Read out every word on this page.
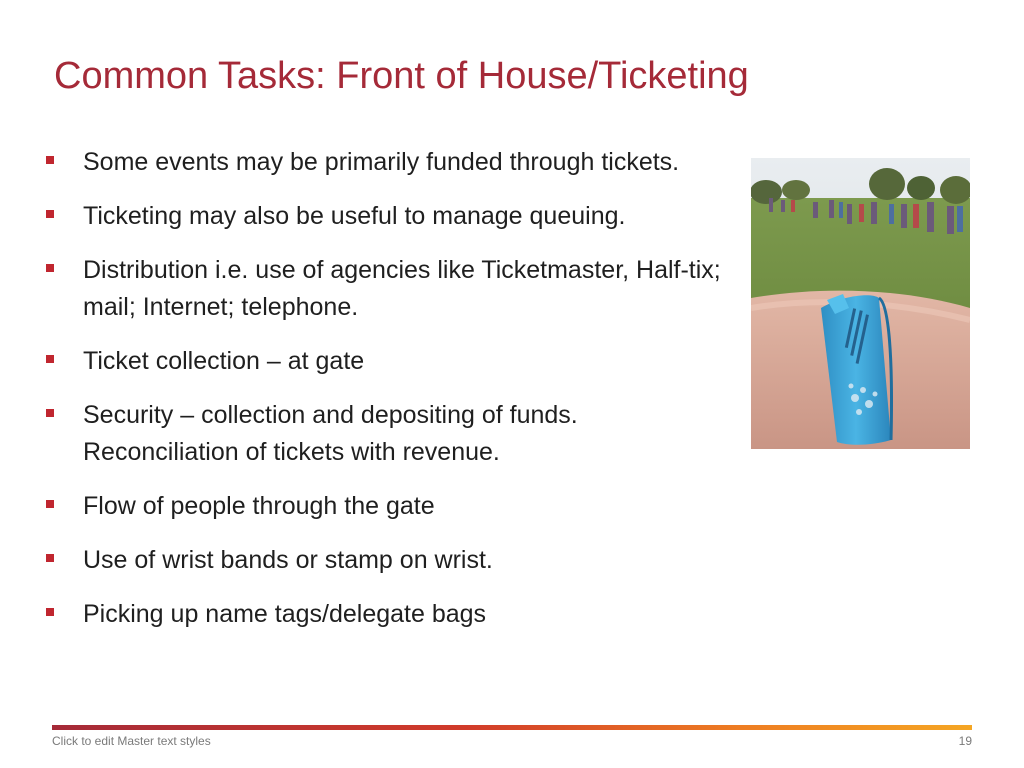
Common Tasks: Front of House/Ticketing
Some events may be primarily funded through tickets.
Ticketing may also be useful to manage queuing.
Distribution i.e. use of agencies like Ticketmaster, Half-tix; mail; Internet; telephone.
Ticket collection – at gate
Security – collection and depositing of funds. Reconciliation of tickets with revenue.
Flow of people through the gate
Use of wrist bands or stamp on wrist.
Picking up name tags/delegate bags
Click to edit Master text styles	19
